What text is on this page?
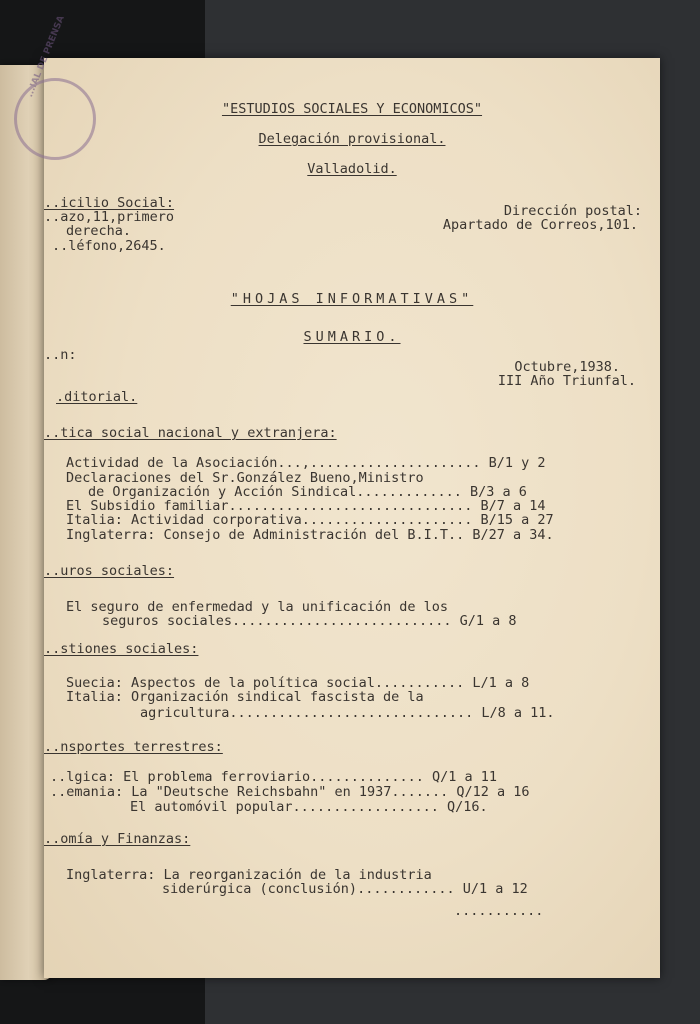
...IAL DE PRENSA
"ESTUDIOS SOCIALES Y ECONOMICOS"
Delegación provisional.
Valladolid.
..icilio Social:
..azo,11,primero
derecha.
..léfono,2645.
Dirección postal:
Apartado de Correos,101.
"HOJAS INFORMATIVAS"
SUMARIO.
..n:
Octubre,1938.
III Año Triunfal.
.ditorial.
..tica social nacional y extranjera:
Actividad de la Asociación...,..................... B/1 y 2
Declaraciones del Sr.González Bueno,Ministro
de Organización y Acción Sindical............. B/3 a 6
El Subsidio familiar.............................. B/7 a 14
Italia: Actividad corporativa..................... B/15 a 27
Inglaterra: Consejo de Administración del B.I.T.. B/27 a 34.
..uros sociales:
El seguro de enfermedad y la unificación de los
seguros sociales........................... G/1 a 8
..stiones sociales:
Suecia: Aspectos de la política social........... L/1 a 8
Italia: Organización sindical fascista de la
agricultura.............................. L/8 a 11.
..nsportes terrestres:
..lgica: El problema ferroviario.............. Q/1 a 11
..emania: La "Deutsche Reichsbahn" en 1937....... Q/12 a 16
El automóvil popular.................. Q/16.
..omía y Finanzas:
Inglaterra: La reorganización de la industria
siderúrgica (conclusión)............ U/1 a 12
...........
